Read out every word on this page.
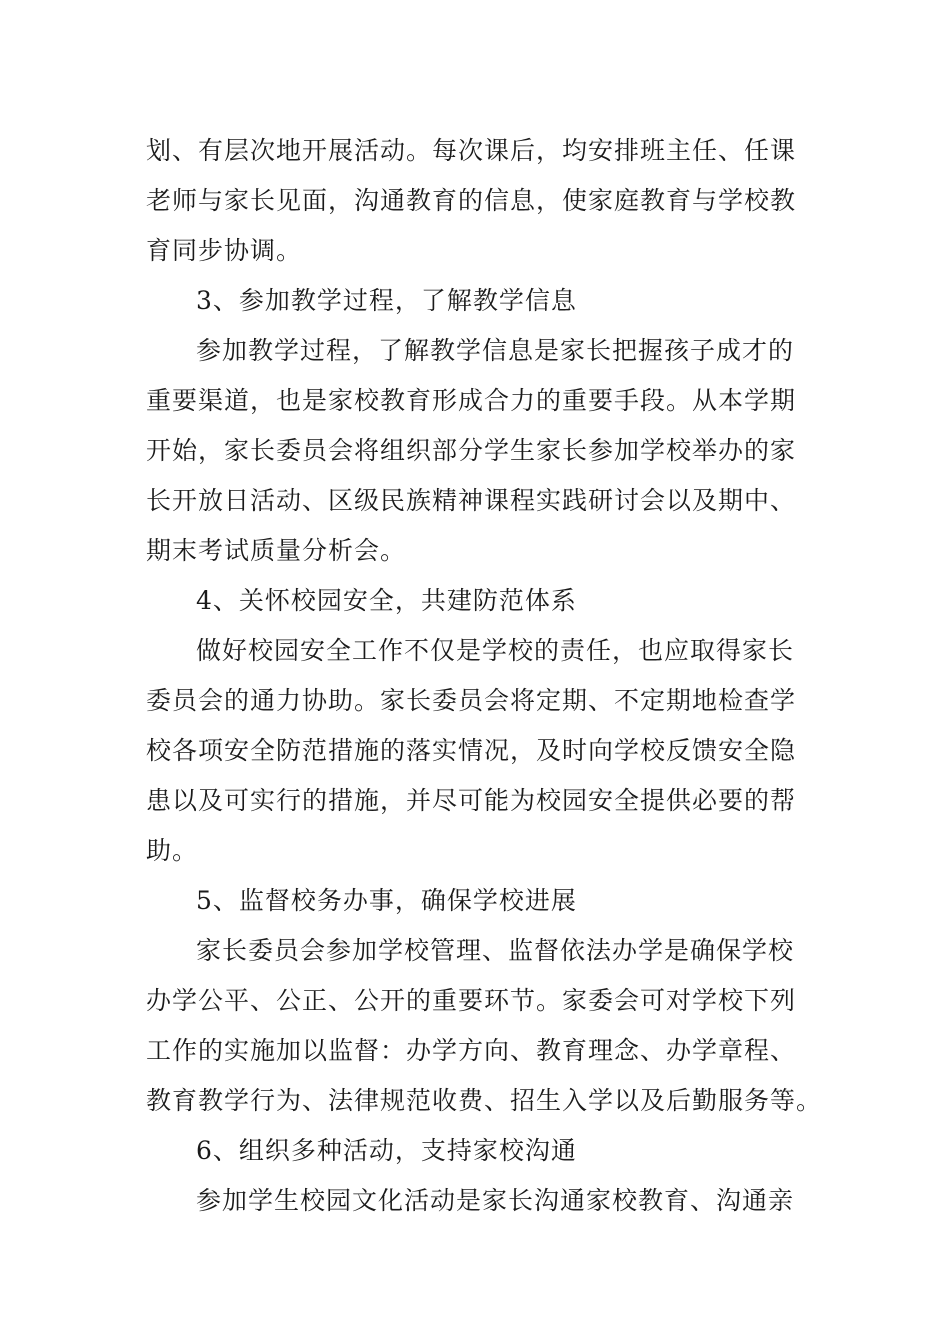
划、有层次地开展活动。每次课后，均安排班主任、任课
老师与家长见面，沟通教育的信息，使家庭教育与学校教
育同步协调。
3、参加教学过程，了解教学信息
参加教学过程，了解教学信息是家长把握孩子成才的
重要渠道，也是家校教育形成合力的重要手段。从本学期
开始，家长委员会将组织部分学生家长参加学校举办的家
长开放日活动、区级民族精神课程实践研讨会以及期中、
期末考试质量分析会。
4、关怀校园安全，共建防范体系
做好校园安全工作不仅是学校的责任，也应取得家长
委员会的通力协助。家长委员会将定期、不定期地检查学
校各项安全防范措施的落实情况，及时向学校反馈安全隐
患以及可实行的措施，并尽可能为校园安全提供必要的帮
助。
5、监督校务办事，确保学校进展
家长委员会参加学校管理、监督依法办学是确保学校
办学公平、公正、公开的重要环节。家委会可对学校下列
工作的实施加以监督：办学方向、教育理念、办学章程、
教育教学行为、法律规范收费、招生入学以及后勤服务等。
6、组织多种活动，支持家校沟通
参加学生校园文化活动是家长沟通家校教育、沟通亲
